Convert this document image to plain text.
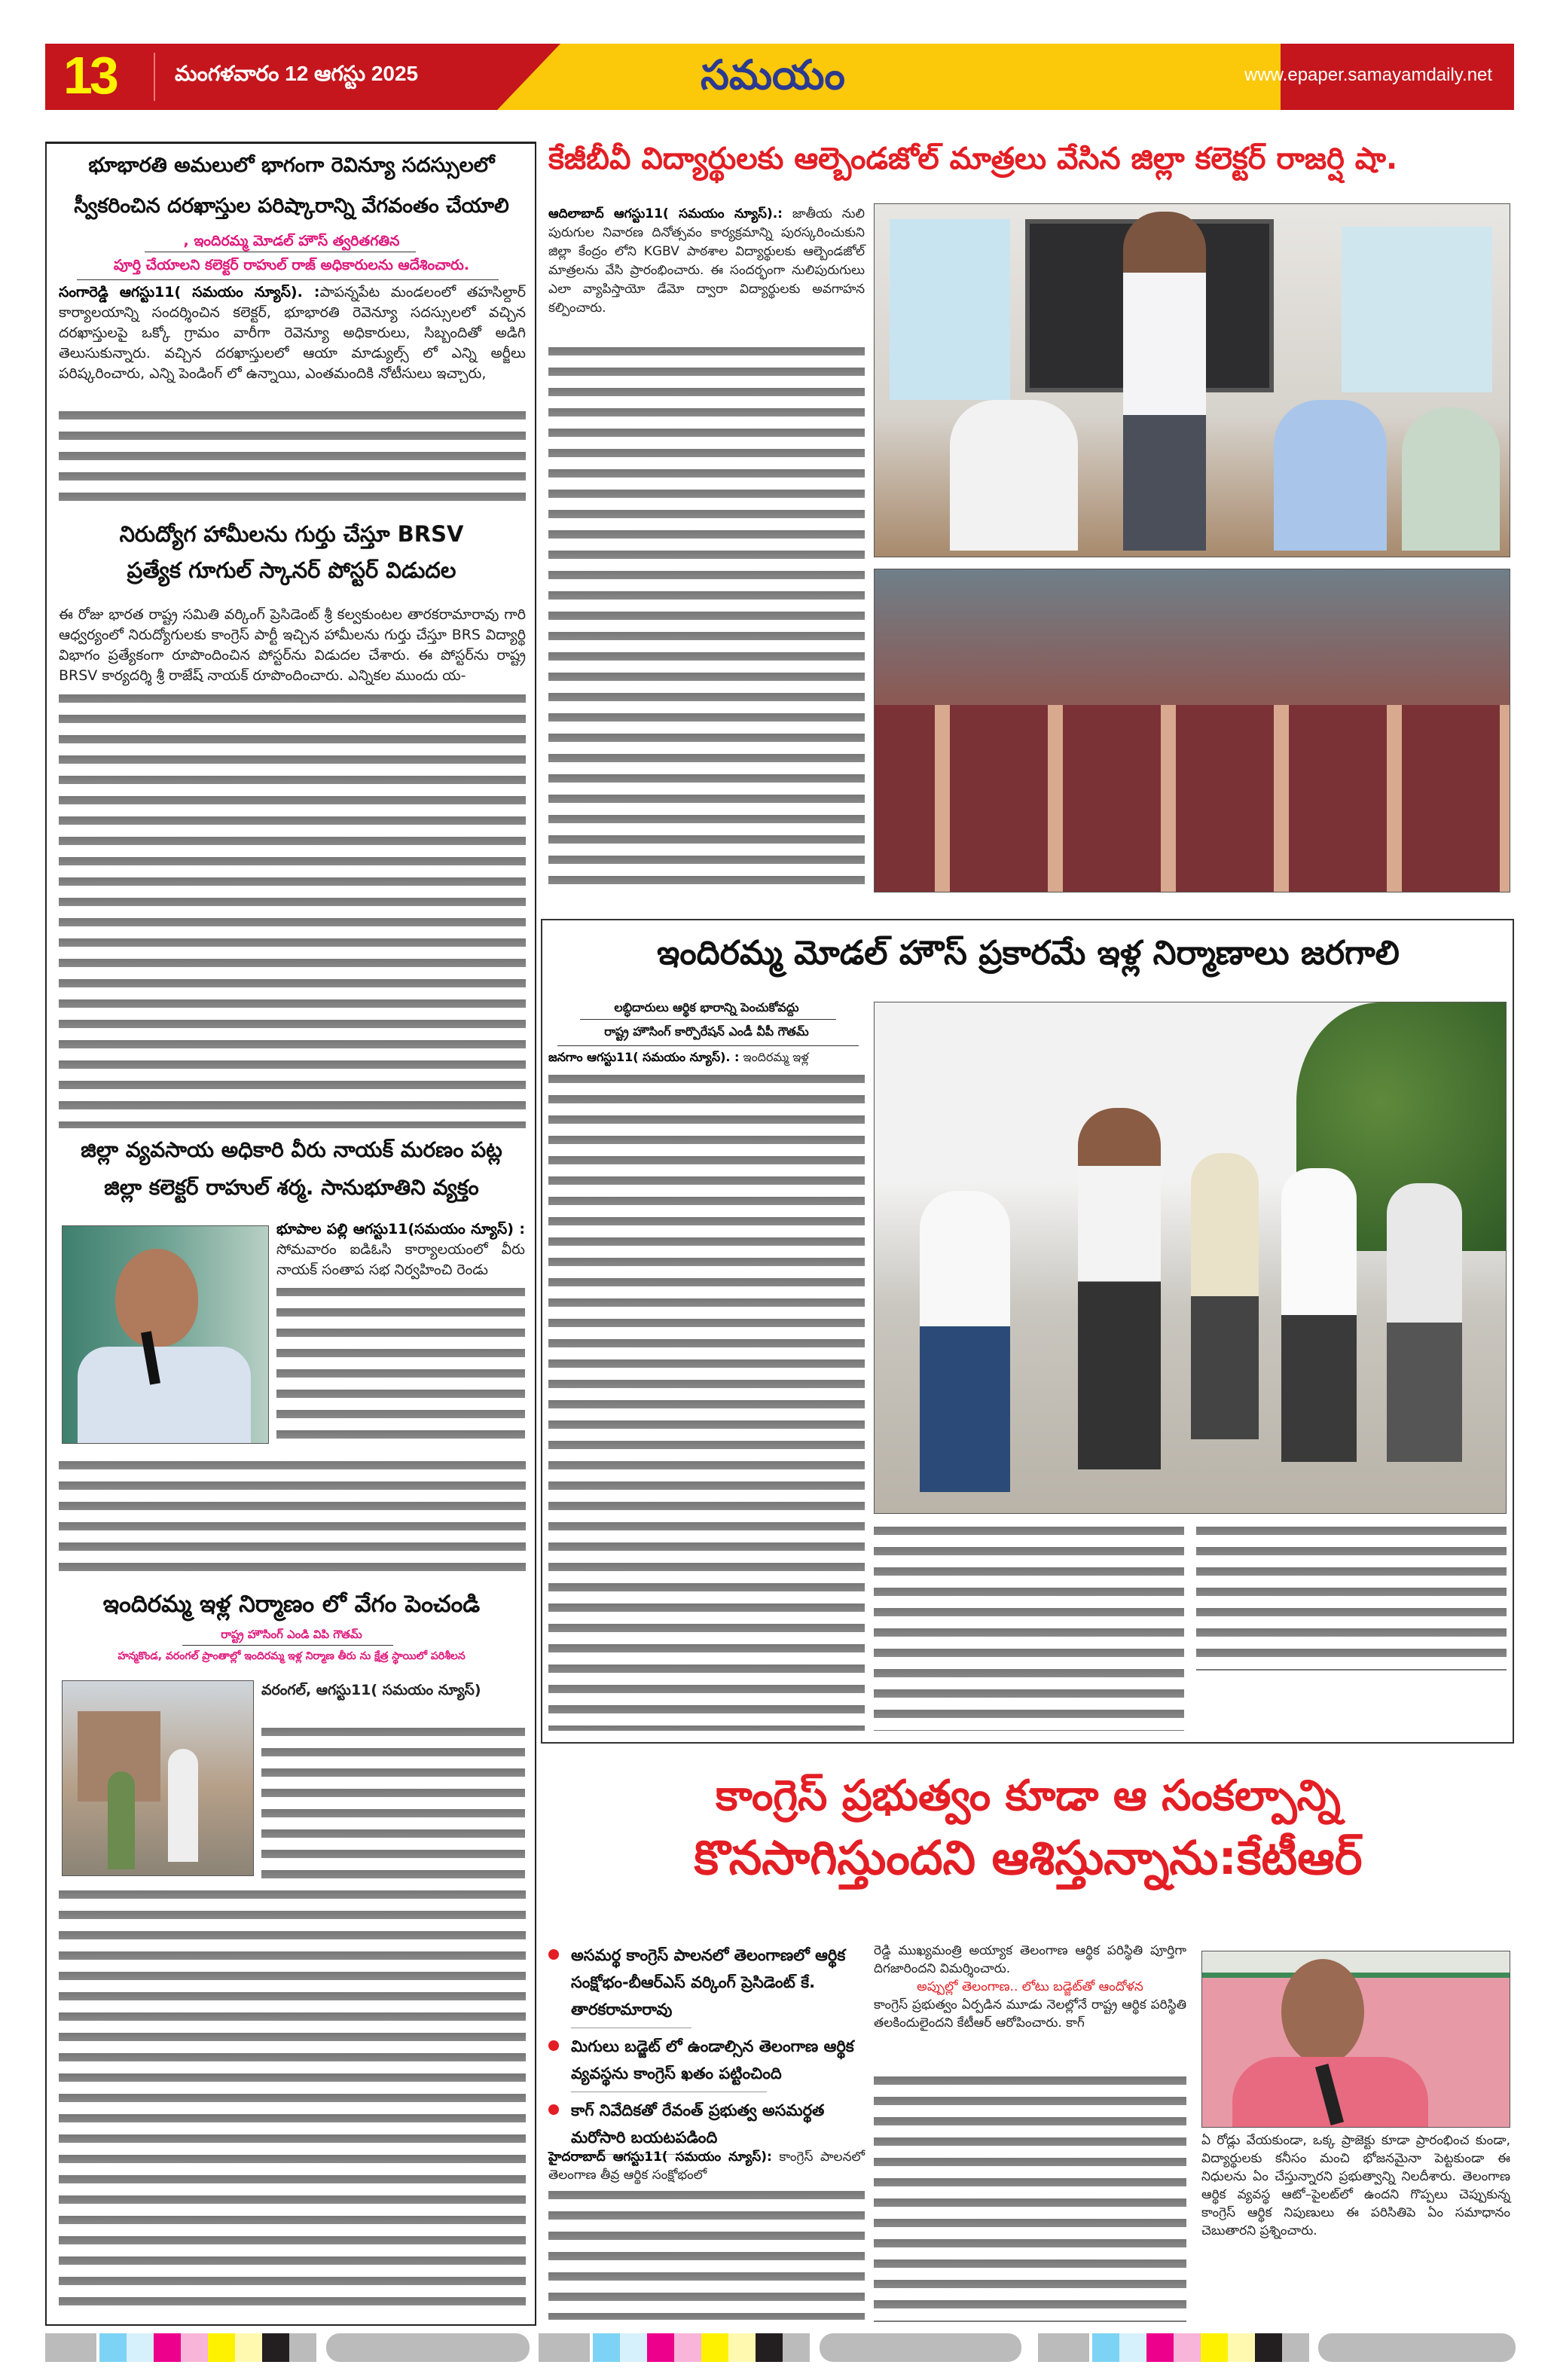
13	మంగళవారం 12 ఆగస్టు 2025	సమయం	www.epaper.samayamdaily.net
భూభారతి అమలులో భాగంగా రెవిన్యూ సదస్సులలో
స్వీకరించిన దరఖాస్తుల పరిష్కారాన్ని వేగవంతం చేయాలి
, ఇందిరమ్మ మోడల్ హౌస్ త్వరితగతిన
పూర్తి చేయాలని కలెక్టర్ రాహుల్ రాజ్ అధికారులను ఆదేశించారు.
సంగారెడ్డి ఆగస్టు11( సమయం న్యూస్). :పాపన్నపేట మండలంలో తహసిల్దార్ కార్యాలయాన్ని సందర్శించిన కలెక్టర్, భూభారతి రెవెన్యూ సదస్సులలో వచ్చిన దరఖాస్తులపై ఒక్కో గ్రామం వారీగా రెవెన్యూ అధికారులు, సిబ్బందితో అడిగి తెలుసుకున్నారు. వచ్చిన దరఖాస్తులలో ఆయా మాడ్యుల్స్ లో ఎన్ని అర్జీలు పరిష్కరించారు, ఎన్ని పెండింగ్ లో ఉన్నాయి, ఎంతమందికి నోటీసులు ఇచ్చారు,
నిరుద్యోగ హామీలను గుర్తు చేస్తూ BRSV
ప్రత్యేక గూగుల్ స్కానర్ పోస్టర్ విడుదల
ఈ రోజు భారత రాష్ట్ర సమితి వర్కింగ్ ప్రెసిడెంట్ శ్రీ కల్వకుంటల తారకరామారావు గారి ఆధ్వర్యంలో నిరుద్యోగులకు కాంగ్రెస్ పార్టీ ఇచ్చిన హామీలను గుర్తు చేస్తూ BRS విద్యార్థి విభాగం ప్రత్యేకంగా రూపొందించిన పోస్టర్‌ను విడుదల చేశారు. ఈ పోస్టర్‌ను రాష్ట్ర BRSV కార్యదర్శి శ్రీ రాజేష్ నాయక్ రూపొందించారు. ఎన్నికల ముందు య-
జిల్లా వ్యవసాయ అధికారి వీరు నాయక్ మరణం పట్ల
జిల్లా కలెక్టర్ రాహుల్ శర్మ. సానుభూతిని వ్యక్తం
భూపాల పల్లి ఆగస్టు11(సమయం న్యూస్) : సోమవారం ఐడిఓసి కార్యాలయంలో వీరు నాయక్ సంతాప సభ నిర్వహించి రెండు
ఇందిరమ్మ ఇళ్ల నిర్మాణం లో వేగం పెంచండి
రాష్ట్ర హౌసింగ్ ఎండి విపి గౌతమ్
హన్మకొండ, వరంగల్ ప్రాంతాల్లో ఇందిరమ్మ ఇళ్ల నిర్మాణ తీరు ను క్షేత్ర స్థాయిలో పరిశీలన
వరంగల్, ఆగస్టు11( సమయం న్యూస్)
కేజీబీవీ విద్యార్థులకు ఆల్బెండజోల్ మాత్రలు వేసిన జిల్లా కలెక్టర్ రాజర్షి షా.
ఆదిలాబాద్ ఆగస్టు11( సమయం న్యూస్).: జాతీయ నులి పురుగుల నివారణ దినోత్సవం కార్యక్రమాన్ని పురస్కరించుకుని జిల్లా కేంద్రం లోని KGBV పాఠశాల విద్యార్థులకు ఆల్బెండజోల్ మాత్రలను వేసి ప్రారంభించారు. ఈ సందర్భంగా నులిపురుగులు ఎలా వ్యాపిస్తాయో డేమో ద్వారా విద్యార్థులకు అవగాహన కల్పించారు.
ఇందిరమ్మ మోడల్ హౌస్ ప్రకారమే ఇళ్ల నిర్మాణాలు జరగాలి
లబ్ధిదారులు ఆర్థిక భారాన్ని పెంచుకోవద్దు
రాష్ట్ర హౌసింగ్ కార్పొరేషన్ ఎండీ వీపీ గౌతమ్
జనగాం ఆగస్టు11( సమయం న్యూస్). : ఇందిరమ్మ ఇళ్ల
కాంగ్రెస్ ప్రభుత్వం కూడా ఆ సంకల్పాన్ని
కొనసాగిస్తుందని ఆశిస్తున్నాను:కేటీఆర్
అసమర్థ కాంగ్రెస్ పాలనలో తెలంగాణలో ఆర్థిక సంక్షోభం-బీఆర్ఎస్ వర్కింగ్ ప్రెసిడెంట్ కే. తారకరామారావు
మిగులు బడ్జెట్ లో ఉండాల్సిన తెలంగాణ ఆర్థిక వ్యవస్థను కాంగ్రెస్ ఖతం పట్టించింది
కాగ్ నివేదికతో రేవంత్ ప్రభుత్వ అసమర్థత మరోసారి బయటపడింది
హైదరాబాద్ ఆగస్టు11( సమయం న్యూస్): కాంగ్రెస్ పాలనలో తెలంగాణ తీవ్ర ఆర్థిక సంక్షోభంలో
రెడ్డి ముఖ్యమంత్రి అయ్యాక తెలంగాణ ఆర్థిక పరిస్థితి పూర్తిగా దిగజారిందని విమర్శించారు.
అప్పుల్లో తెలంగాణ.. లోటు బడ్జెట్‌తో ఆందోళన
కాంగ్రెస్ ప్రభుత్వం ఏర్పడిన మూడు నెలల్లోనే రాష్ట్ర ఆర్థిక పరిస్థితి తలకిందులైందని కేటీఆర్ ఆరోపించారు. కాగ్
ఏ రోడ్లు వేయకుండా, ఒక్క ప్రాజెక్టు కూడా ప్రారంభించ కుండా, విద్యార్థులకు కనీసం మంచి భోజనమైనా పెట్టకుండా ఈ నిధులను ఏం చేస్తున్నారని ప్రభుత్వాన్ని నిలదీశారు. తెలంగాణ ఆర్థిక వ్యవస్థ ఆటో–పైలట్‌లో ఉందని గొప్పలు చెప్పుకున్న కాంగ్రెస్ ఆర్థిక నిపుణులు ఈ పరిసితిపె ఏం సమాధానం చెబుతారని ప్రశ్నించారు.
